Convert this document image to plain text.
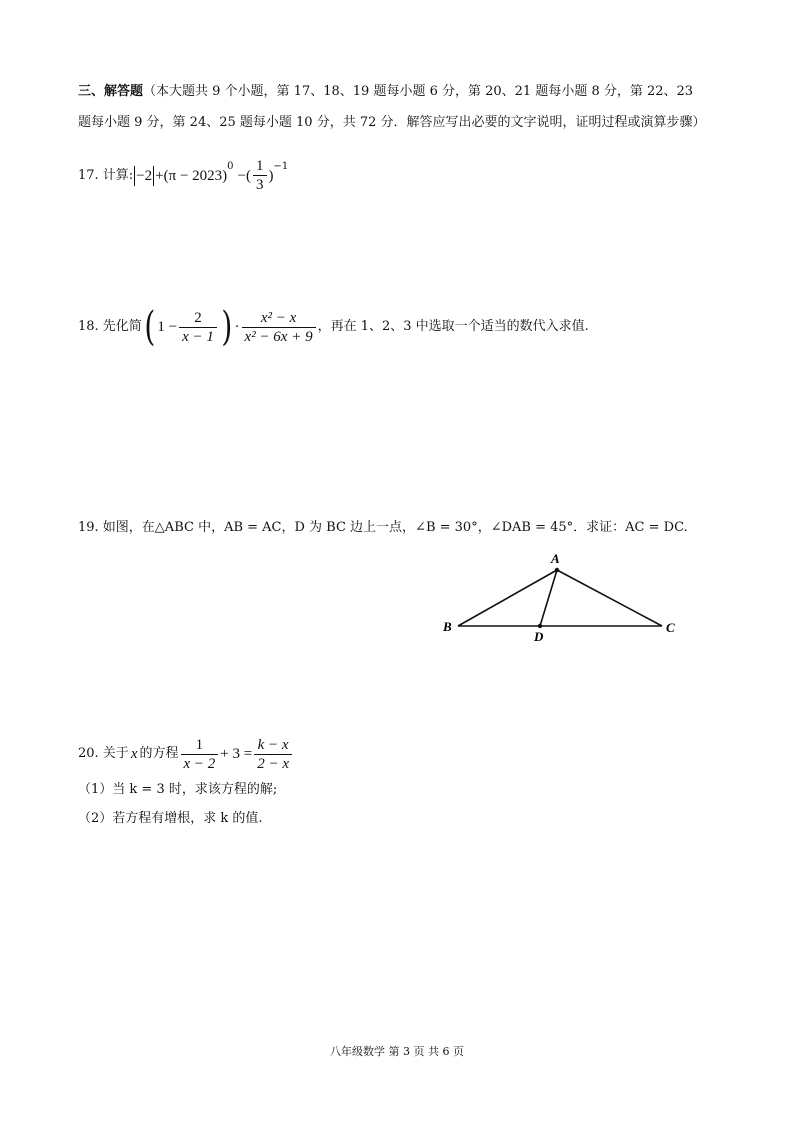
三、解答题（本大题共 9 个小题，第 17、18、19 题每小题 6 分，第 20、21 题每小题 8 分，第 22、23
题每小题 9 分，第 24、25 题每小题 10 分，共 72 分．解答应写出必要的文字说明，证明过程或演算步骤）
17. 计算: −2 + (π − 2023)
0
− ( $\frac{1}{3}$ )
−1
18. 先化简 ( $1 - \frac{2}{x - 1}$ ) · $\frac{\text{x² − x}}{\text{x² − 6x + 9}}$ ，再在 1、2、3 中选取一个适当的数代入求值.
19. 如图，在△ABC 中，AB = AC，D 为 BC 边上一点，∠B = 30°，∠DAB = 45°．求证：AC = DC.
A
B	C
D
20. 关于 x 的方程 $\frac{1}{x - 2} + 3 = \frac{k - x}{2 - x}$
（1）当 k = 3 时，求该方程的解;
（2）若方程有增根，求 k 的值.
八年级数学 第 3 页 共 6 页
